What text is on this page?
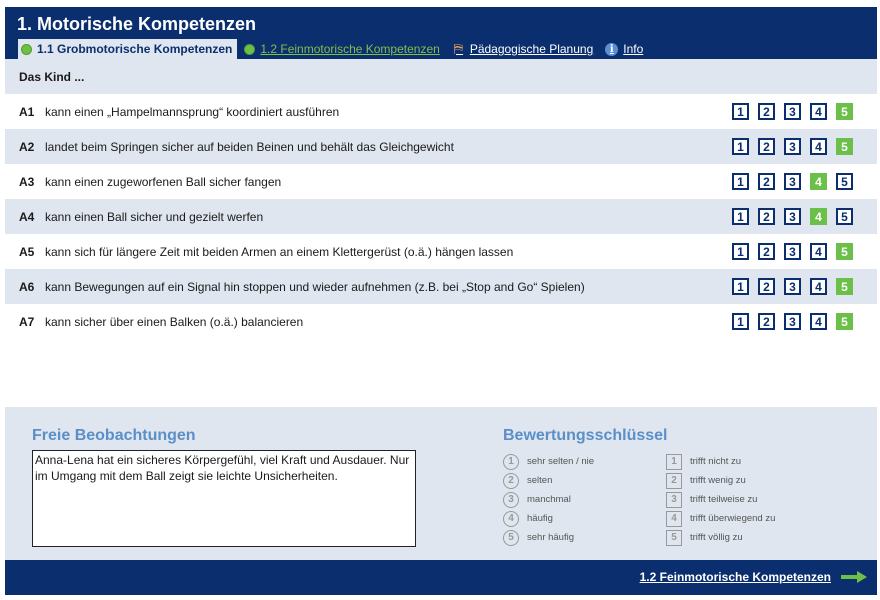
1. Motorische Kompetenzen
1.1 Grobmotorische Kompetenzen 1.2 Feinmotorische Kompetenzen ⛿ Pädagogische Planung	i Info
Das Kind ...
A1 kann einen „Hampelmannsprung“ koordiniert ausführen	1	2	3	4	5
A2 landet beim Springen sicher auf beiden Beinen und behält das Gleichgewicht	1	2	3	4	5
A3 kann einen zugeworfenen Ball sicher fangen	1	2	3	4	5
A4 kann einen Ball sicher und gezielt werfen	1	2	3	4	5
A5 kann sich für längere Zeit mit beiden Armen an einem Klettergerüst (o.ä.) hängen lassen	1	2	3	4	5
A6 kann Bewegungen auf ein Signal hin stoppen und wieder aufnehmen (z.B. bei „Stop and Go“ Spielen)	1	2	3	4	5
A7 kann sicher über einen Balken (o.ä.) balancieren	1	2	3	4	5
Freie Beobachtungen
Anna-Lena hat ein sicheres Körpergefühl, viel Kraft und Ausdauer. Nur im Umgang mit dem Ball zeigt sie leichte Unsicherheiten.
Bewertungsschlüssel
1	sehr selten / nie
2	selten
3	manchmal
4	häufig
5	sehr häufig
1	trifft nicht zu
2	trifft wenig zu
3	trifft teilweise zu
4	trifft überwiegend zu
5	trifft völlig zu
1.2 Feinmotorische Kompetenzen
